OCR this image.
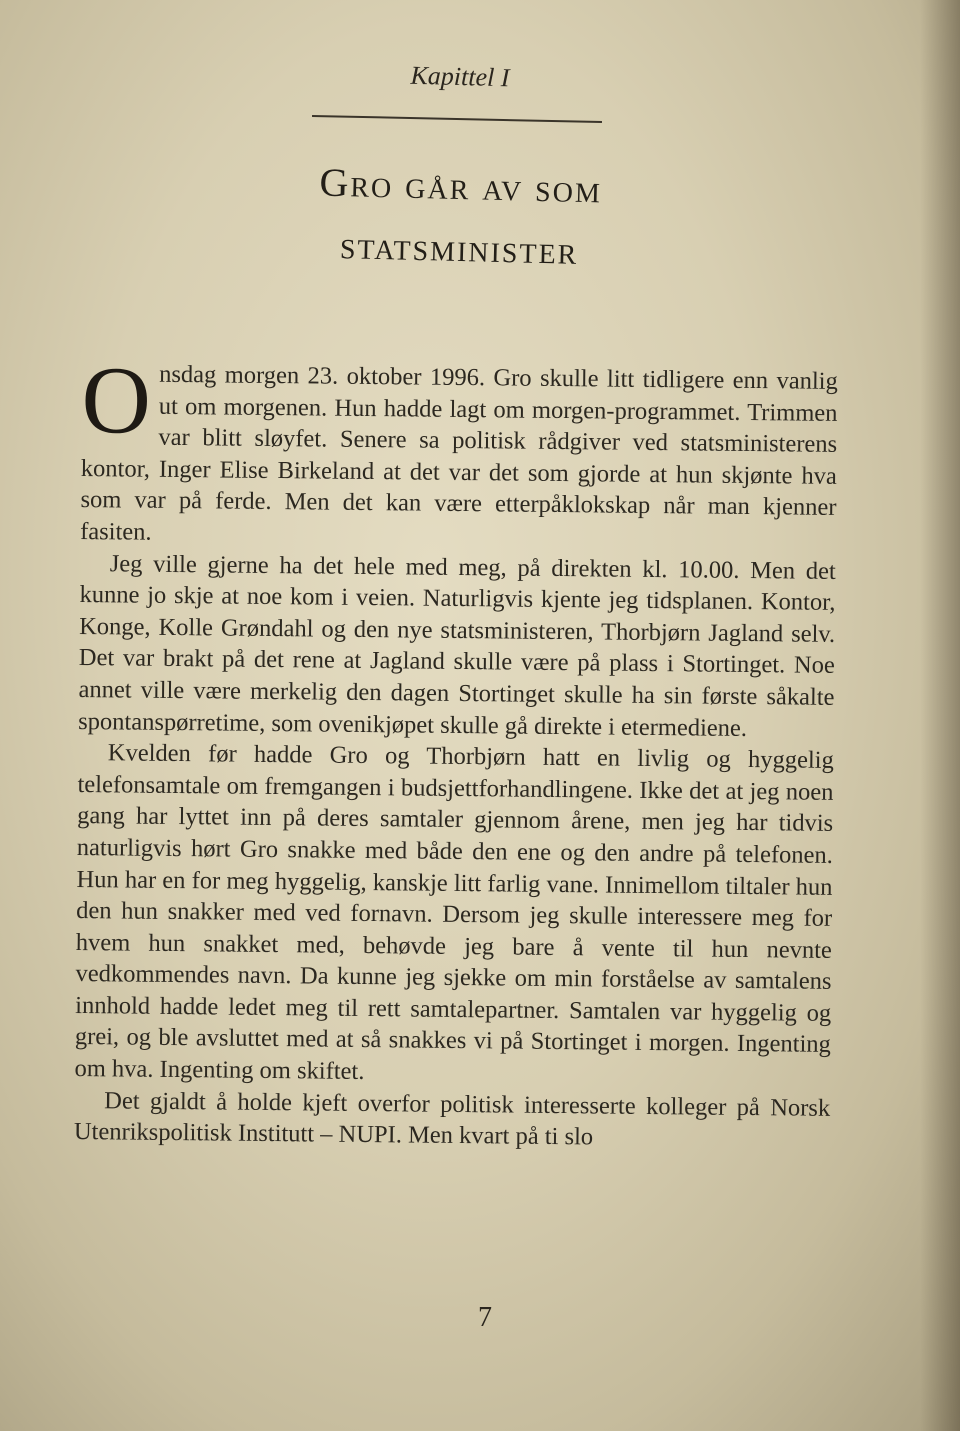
Kapittel I
Gro går av som
statsminister

Onsdag morgen 23. oktober 1996. Gro skulle litt tidligere enn vanlig ut om morgenen. Hun hadde lagt om morgen-programmet. Trimmen var blitt sløyfet. Senere sa politisk rådgiver ved statsministerens kontor, Inger Elise Birkeland at det var det som gjorde at hun skjønte hva som var på ferde. Men det kan være etterpåklokskap når man kjenner fasiten.

Jeg ville gjerne ha det hele med meg, på direkten kl. 10.00. Men det kunne jo skje at noe kom i veien. Naturligvis kjente jeg tidsplanen. Kontor, Konge, Kolle Grøndahl og den nye statsministeren, Thorbjørn Jagland selv. Det var brakt på det rene at Jagland skulle være på plass i Stortinget. Noe annet ville være merkelig den dagen Stortinget skulle ha sin første såkalte spontanspørretime, som ovenikjøpet skulle gå direkte i etermediene.

Kvelden før hadde Gro og Thorbjørn hatt en livlig og hyggelig telefonsamtale om fremgangen i budsjettforhandlingene. Ikke det at jeg noen gang har lyttet inn på deres samtaler gjennom årene, men jeg har tidvis naturligvis hørt Gro snakke med både den ene og den andre på telefonen. Hun har en for meg hyggelig, kanskje litt farlig vane. Innimellom tiltaler hun den hun snakker med ved fornavn. Dersom jeg skulle interessere meg for hvem hun snakket med, behøvde jeg bare å vente til hun nevnte vedkommendes navn. Da kunne jeg sjekke om min forståelse av samtalens innhold hadde ledet meg til rett samtalepartner. Samtalen var hyggelig og grei, og ble avsluttet med at så snakkes vi på Stortinget i morgen. Ingenting om hva. Ingenting om skiftet.

Det gjaldt å holde kjeft overfor politisk interesserte kolleger på Norsk Utenrikspolitisk Institutt – NUPI. Men kvart på ti slo

7
